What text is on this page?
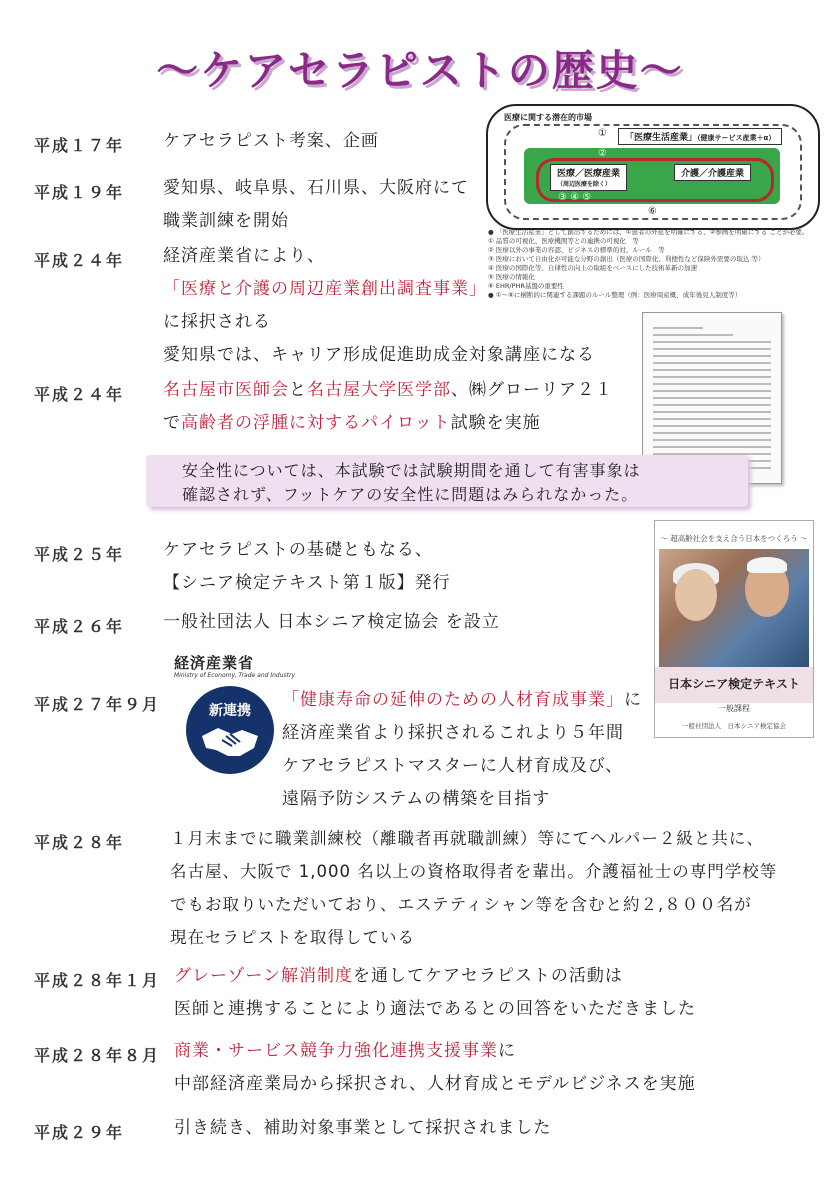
～ケアセラピストの歴史～
医療に関する潜在的市場
「医療生活産業」（健康サービス産業＋α）
医療／医療産業
（周辺医療を除く）
介護／介護産業
③ ④ ⑤
⑥
①
②
● 「医療生活産業」として創出するためには、①患者の外延を明確にする、②参画を明確にする ことが必要。
① 品質の可視化、医療機関等との連携の可視化　等
② 医療以外の事業の容認、ビジネスの標準的対、ルール　等
③ 医療において自由化が可能な分野の創出（医療の国際化、利便性など保険外需要の取込 等）
④ 医療の国際化等、自律性の向上の取組をベースにした技術革新の加速
⑤ 医療の情報化
⑥ EHR/PHR基盤の重要性
● ①～⑥に横断的に関連する課題のルール整理（例：医療周産概、成年後見人制度等）
～ 超高齢社会を支え合う日本をつくろう ～
日本シニア検定テキスト
一般課程
一般社団法人　日本シニア検定協会
経済産業省
Ministry of Economy, Trade and Industry
新連携
安全性については、本試験では試験期間を通して有害事象は
確認されず、フットケアの安全性に問題はみられなかった。
平成１７年 ケアセラピスト考案、企画
平成１９年 愛知県、岐阜県、石川県、大阪府にて
職業訓練を開始
平成２４年 経済産業省により、
「医療と介護の周辺産業創出調査事業」
に採択される
愛知県では、キャリア形成促進助成金対象講座になる
平成２４年 名古屋市医師会と名古屋大学医学部、㈱グローリア２１
で高齢者の浮腫に対するパイロット試験を実施
平成２５年 ケアセラピストの基礎ともなる、
【シニア検定テキスト第１版】発行
平成２６年 一般社団法人 日本シニア検定協会 を設立
平成２７年９月	「健康寿命の延伸のための人材育成事業」に
経済産業省より採択されるこれより５年間
ケアセラピストマスターに人材育成及び、
遠隔予防システムの構築を目指す
平成２８年	１月末までに職業訓練校（離職者再就職訓練）等にてヘルパー２級と共に、
名古屋、大阪で 1,000 名以上の資格取得者を輩出。介護福祉士の専門学校等
でもお取りいただいており、エステティシャン等を含むと約２,８００名が
現在セラピストを取得している
平成２８年１月 グレーゾーン解消制度を通してケアセラピストの活動は
医師と連携することにより適法であるとの回答をいただきました
平成２８年８月 商業・サービス競争力強化連携支援事業に
中部経済産業局から採択され、人材育成とモデルビジネスを実施
平成２９年	引き続き、補助対象事業として採択されました
